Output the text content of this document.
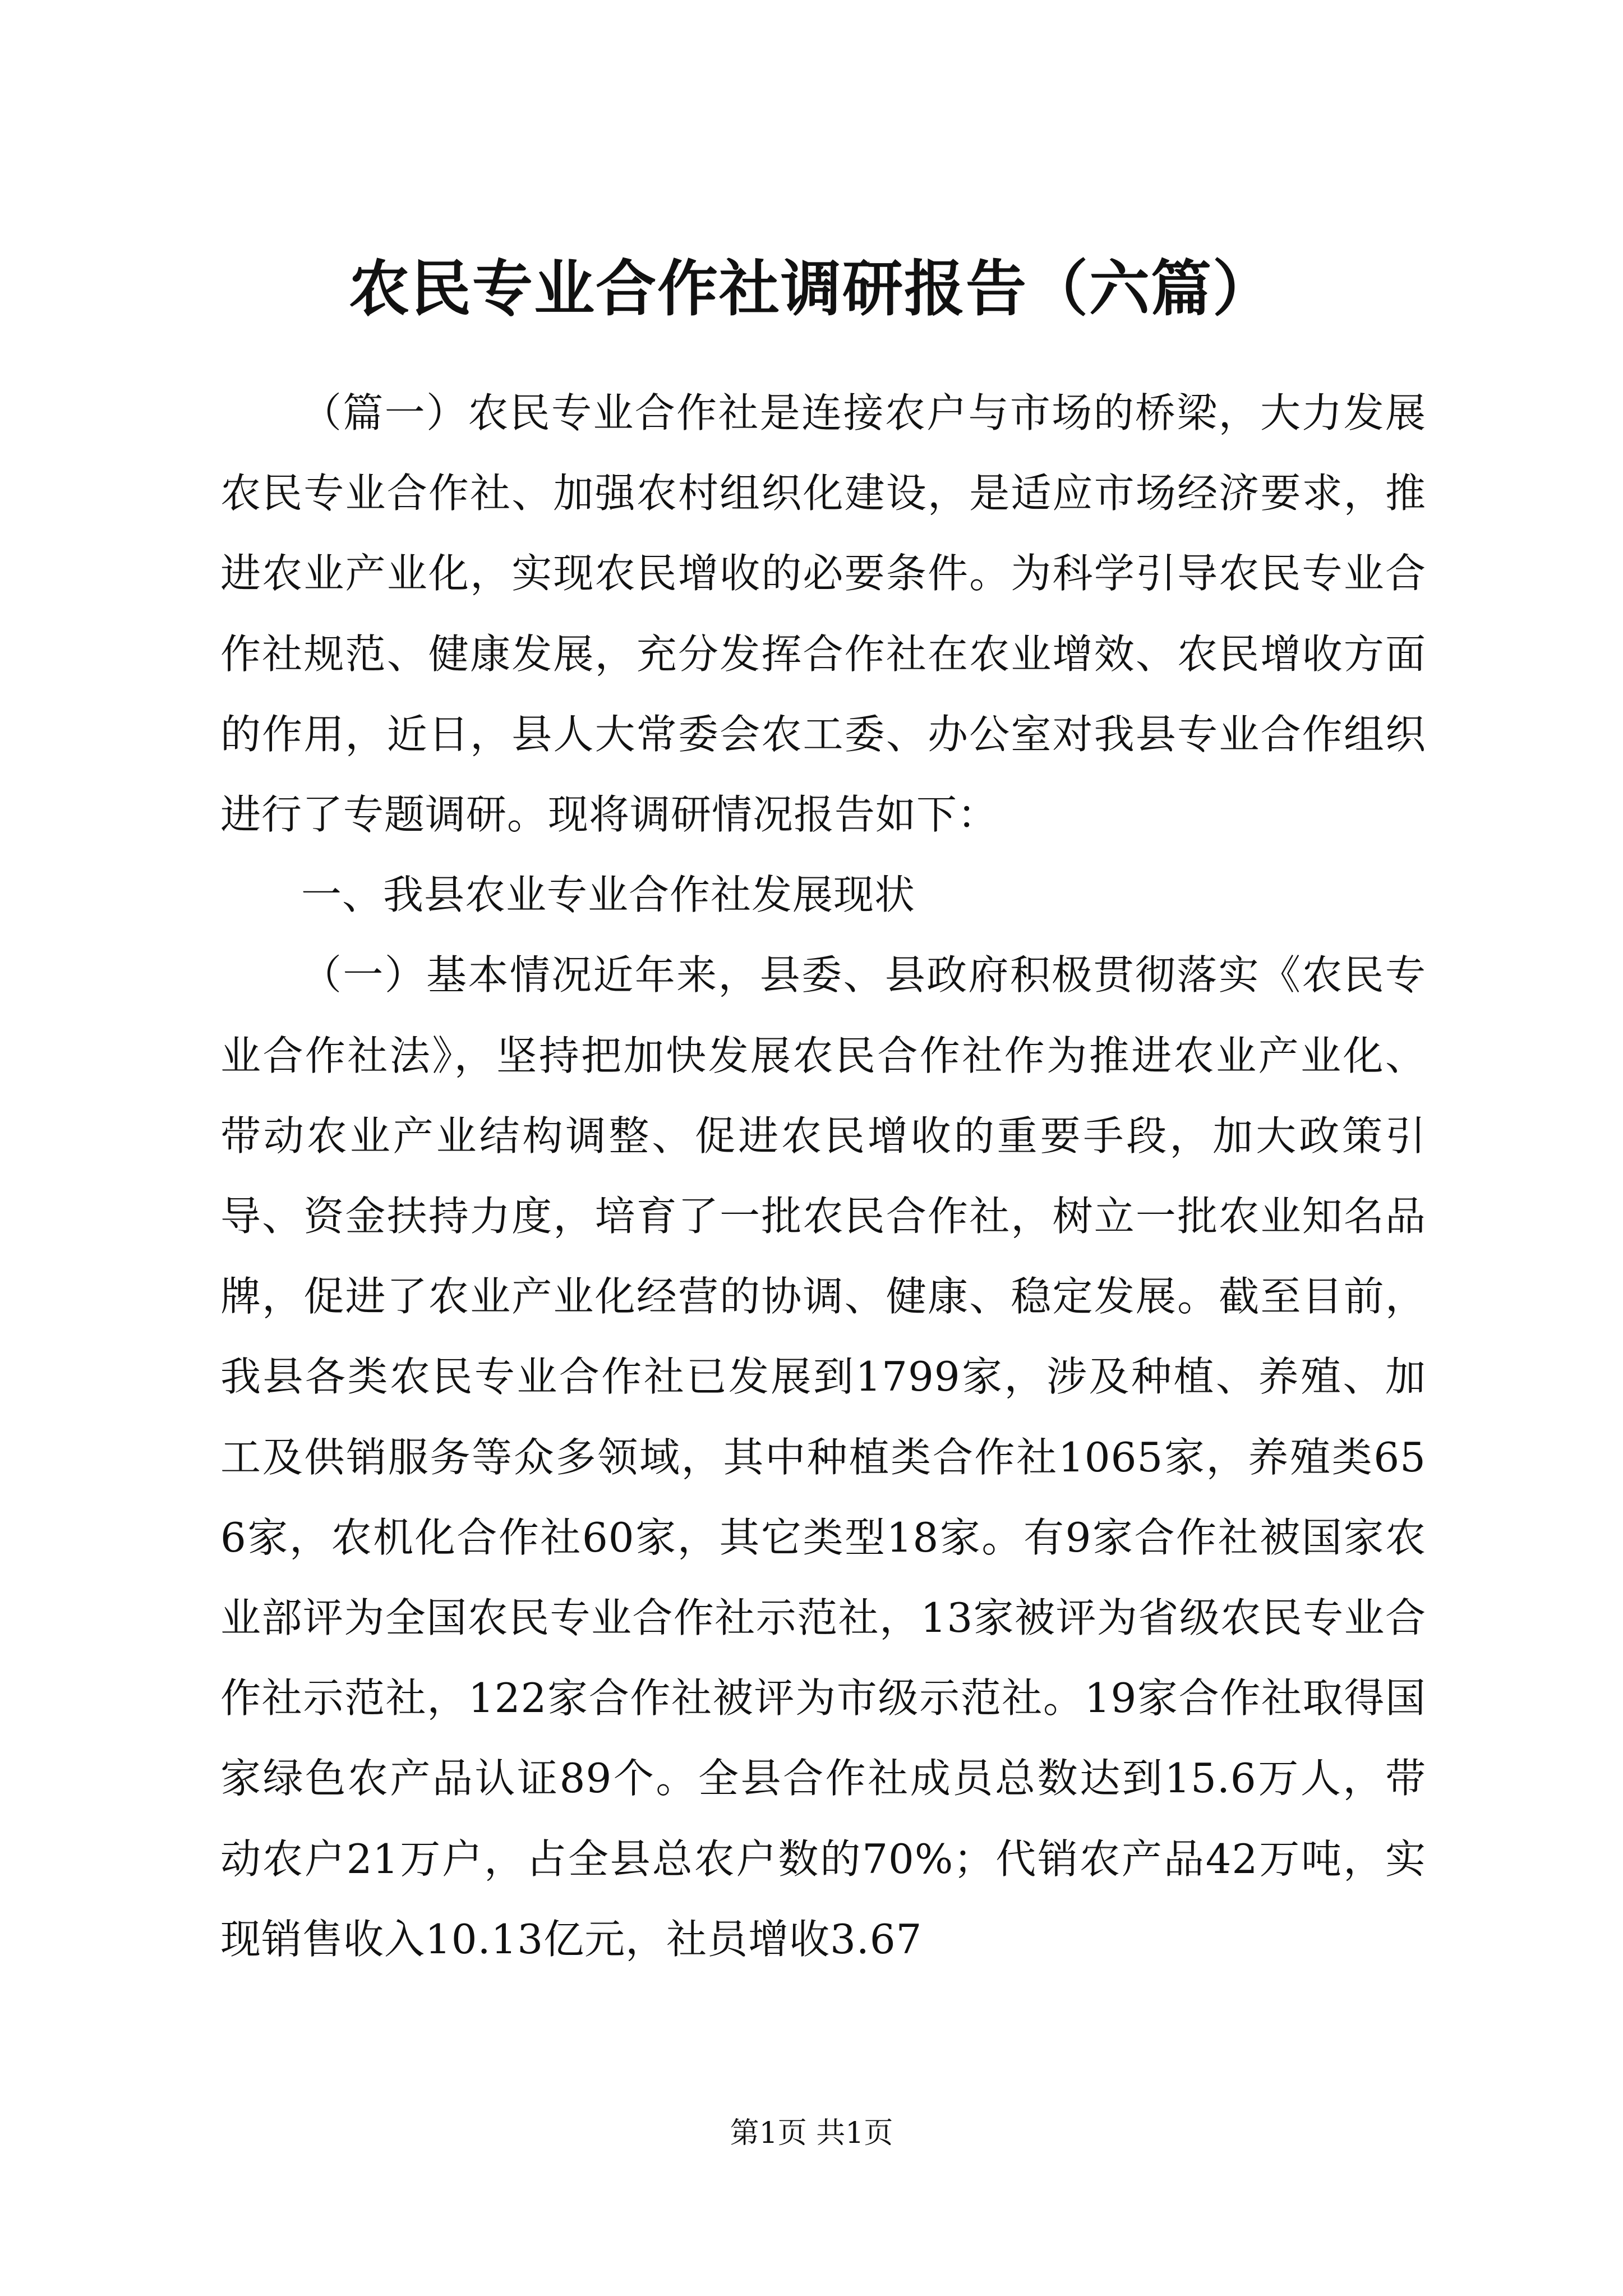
农民专业合作社调研报告（六篇）

（篇一）农民专业合作社是连接农户与市场的桥梁，大力发展农民专业合作社、加强农村组织化建设，是适应市场经济要求，推进农业产业化，实现农民增收的必要条件。为科学引导农民专业合作社规范、健康发展，充分发挥合作社在农业增效、农民增收方面的作用，近日，县人大常委会农工委、办公室对我县专业合作组织进行了专题调研。现将调研情况报告如下：

一、我县农业专业合作社发展现状

（一）基本情况近年来，县委、县政府积极贯彻落实《农民专业合作社法》，坚持把加快发展农民合作社作为推进农业产业化、带动农业产业结构调整、促进农民增收的重要手段，加大政策引导、资金扶持力度，培育了一批农民合作社，树立一批农业知名品牌，促进了农业产业化经营的协调、健康、稳定发展。截至目前，我县各类农民专业合作社已发展到1799家，涉及种植、养殖、加工及供销服务等众多领域，其中种植类合作社1065家，养殖类656家，农机化合作社60家，其它类型18家。有9家合作社被国家农业部评为全国农民专业合作社示范社，13家被评为省级农民专业合作社示范社，122家合作社被评为市级示范社。19家合作社取得国家绿色农产品认证89个。全县合作社成员总数达到15.6万人，带动农户21万户，占全县总农户数的70%；代销农产品42万吨，实现销售收入10.13亿元，社员增收3.67

第1页 共1页
